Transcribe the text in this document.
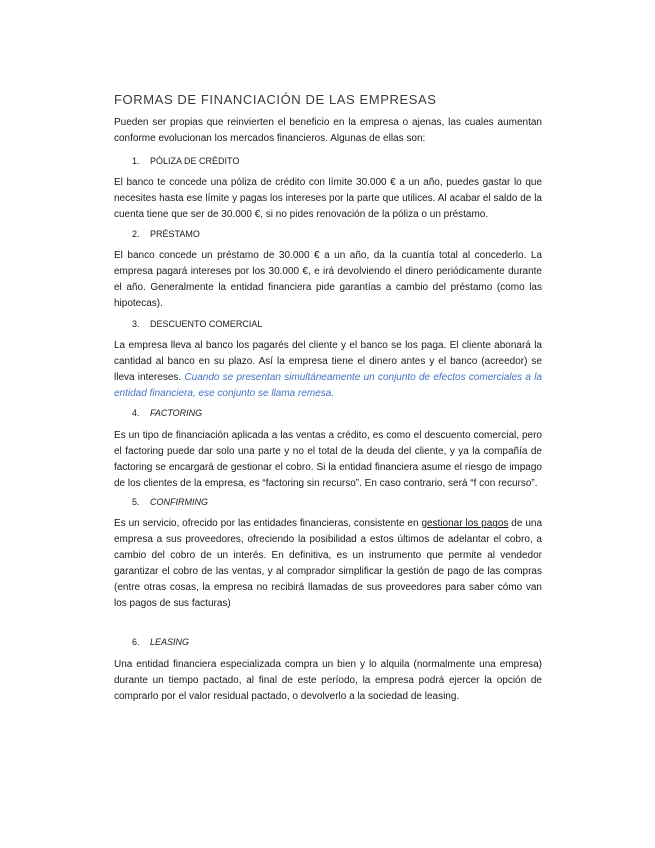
FORMAS DE FINANCIACIÓN DE LAS EMPRESAS

Pueden ser propias que reinvierten el beneficio en la empresa o ajenas, las cuales aumentan conforme evolucionan los mercados financieros. Algunas de ellas son:

1. PÓLIZA DE CRÉDITO

El banco te concede una póliza de crédito con límite 30.000 € a un año, puedes gastar lo que necesites hasta ese límite y pagas los intereses por la parte que utilices. Al acabar el saldo de la cuenta tiene que ser de 30.000 €, si no pides renovación de la póliza o un préstamo.

2. PRÉSTAMO

El banco concede un préstamo de 30.000 € a un año, da la cuantía total al concederlo. La empresa pagará intereses por los 30.000 €, e irá devolviendo el dinero periódicamente durante el año. Generalmente la entidad financiera pide garantías a cambio del préstamo (como las hipotecas).

3. DESCUENTO COMERCIAL

La empresa lleva al banco los pagarés del cliente y el banco se los paga. El cliente abonará la cantidad al banco en su plazo. Así la empresa tiene el dinero antes y el banco (acreedor) se lleva intereses. Cuando se presentan simultáneamente un conjunto de efectos comerciales a la entidad financiera, ese conjunto se llama remesa.

4. FACTORING

Es un tipo de financiación aplicada a las ventas a crédito, es como el descuento comercial, pero el factoring puede dar solo una parte y no el total de la deuda del cliente, y ya la compañía de factoring se encargará de gestionar el cobro. Si la entidad financiera asume el riesgo de impago de los clientes de la empresa, es “factoring sin recurso”. En caso contrario, será “f con recurso”.

5. CONFIRMING

Es un servicio, ofrecido por las entidades financieras, consistente en gestionar los pagos de una empresa a sus proveedores, ofreciendo la posibilidad a estos últimos de adelantar el cobro, a cambio del cobro de un interés. En definitiva, es un instrumento que permite al vendedor garantizar el cobro de las ventas, y al comprador simplificar la gestión de pago de las compras (entre otras cosas, la empresa no recibirá llamadas de sus proveedores para saber cómo van los pagos de sus facturas)

6. LEASING

Una entidad financiera especializada compra un bien y lo alquila (normalmente una empresa) durante un tiempo pactado, al final de este período, la empresa podrá ejercer la opción de comprarlo por el valor residual pactado, o devolverlo a la sociedad de leasing.
